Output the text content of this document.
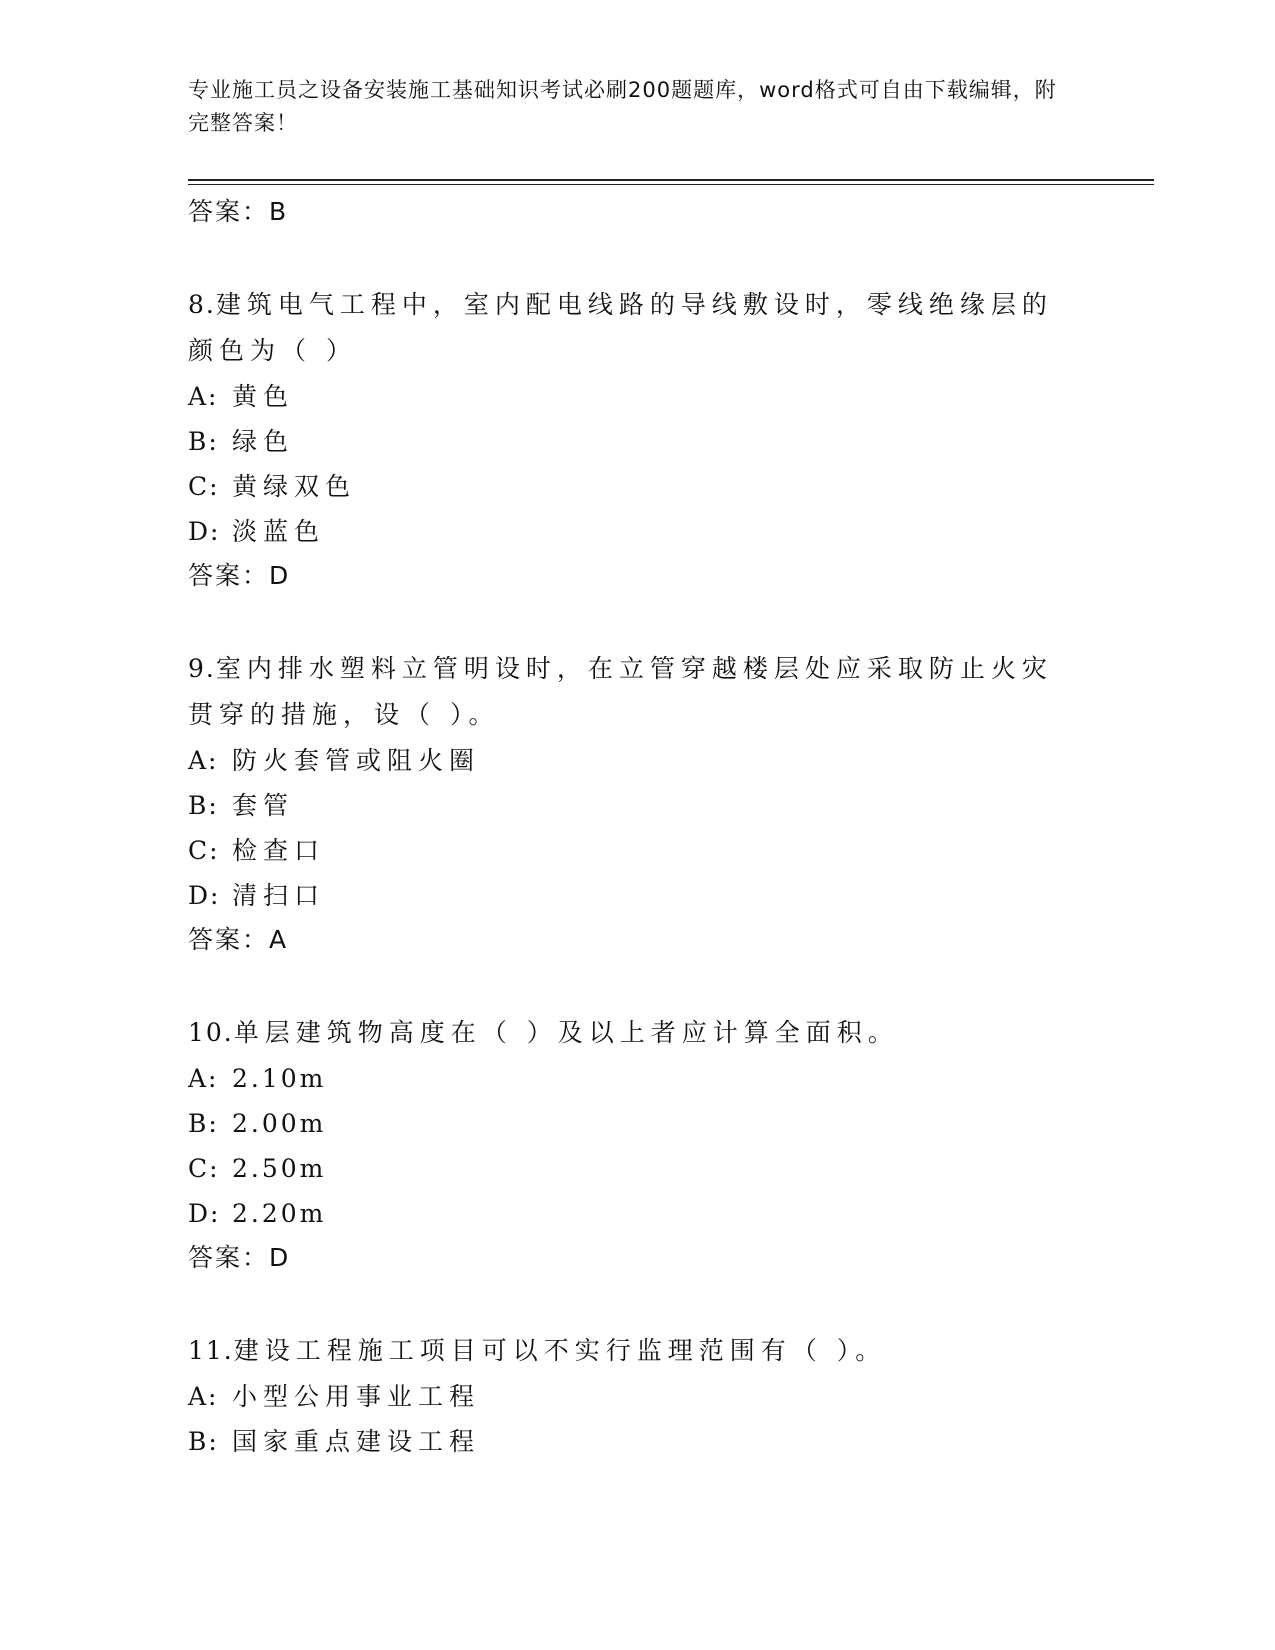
专业施工员之设备安装施工基础知识考试必刷200题题库，word格式可自由下载编辑，附完整答案！
答案：B
8.建筑电气工程中，室内配电线路的导线敷设时，零线绝缘层的颜色为（ ）
A: 黄色
B: 绿色
C: 黄绿双色
D: 淡蓝色
答案：D
9.室内排水塑料立管明设时，在立管穿越楼层处应采取防止火灾贯穿的措施，设（ ）。
A: 防火套管或阻火圈
B: 套管
C: 检查口
D: 清扫口
答案：A
10.单层建筑物高度在（ ）及以上者应计算全面积。
A: 2.10m
B: 2.00m
C: 2.50m
D: 2.20m
答案：D
11.建设工程施工项目可以不实行监理范围有（ ）。
A: 小型公用事业工程
B: 国家重点建设工程
